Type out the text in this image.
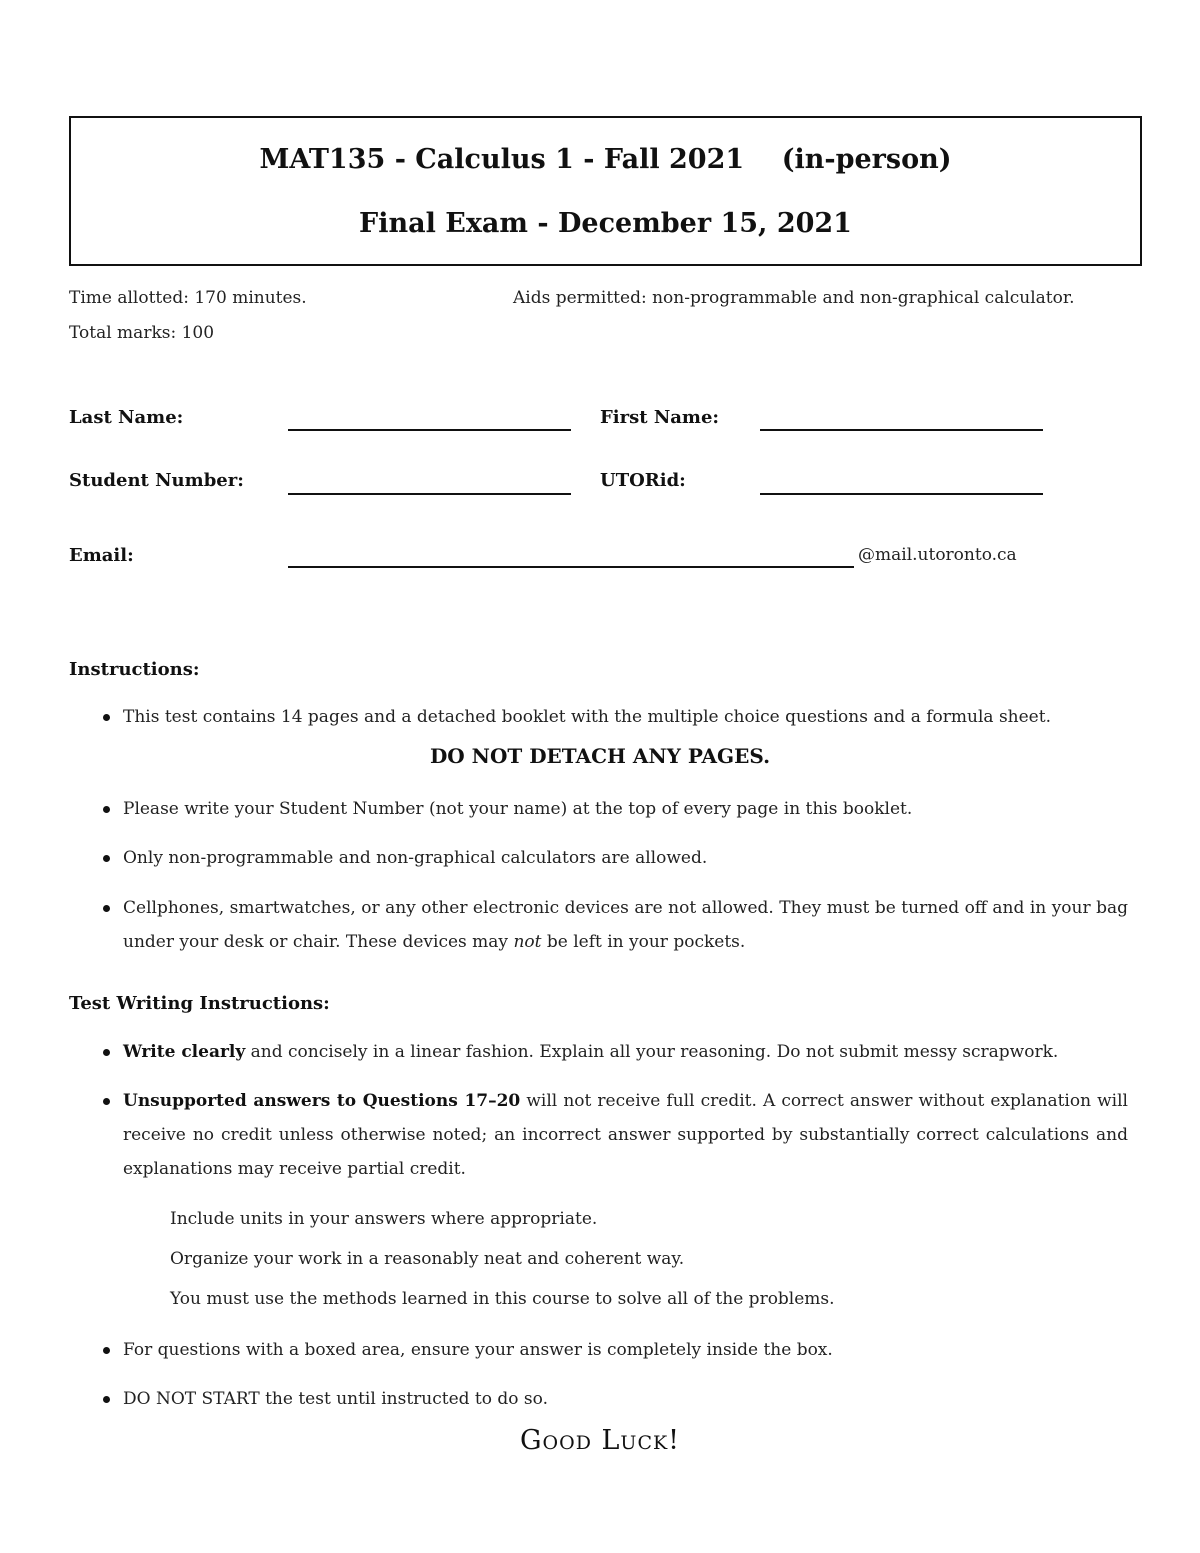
MAT135 - Calculus 1 - Fall 2021    (in-person)
Final Exam - December 15, 2021
Time allotted: 170 minutes.	Aids permitted: non-programmable and non-graphical calculator.
Total marks: 100
Last Name:	First Name:
Student Number:	UTORid:
Email:	@mail.utoronto.ca
Instructions:
This test contains 14 pages and a detached booklet with the multiple choice questions and a formula sheet.
DO NOT DETACH ANY PAGES.
Please write your Student Number (not your name) at the top of every page in this booklet.
Only non-programmable and non-graphical calculators are allowed.
Cellphones, smartwatches, or any other electronic devices are not allowed. They must be turned off and in your bag under your desk or chair. These devices may not be left in your pockets.
Test Writing Instructions:
Write clearly and concisely in a linear fashion. Explain all your reasoning. Do not submit messy scrapwork.
Unsupported answers to Questions 17–20 will not receive full credit. A correct answer without explanation will receive no credit unless otherwise noted; an incorrect answer supported by substantially correct calculations and explanations may receive partial credit.
Include units in your answers where appropriate.
Organize your work in a reasonably neat and coherent way.
You must use the methods learned in this course to solve all of the problems.
For questions with a boxed area, ensure your answer is completely inside the box.
DO NOT START the test until instructed to do so.
Good Luck!
